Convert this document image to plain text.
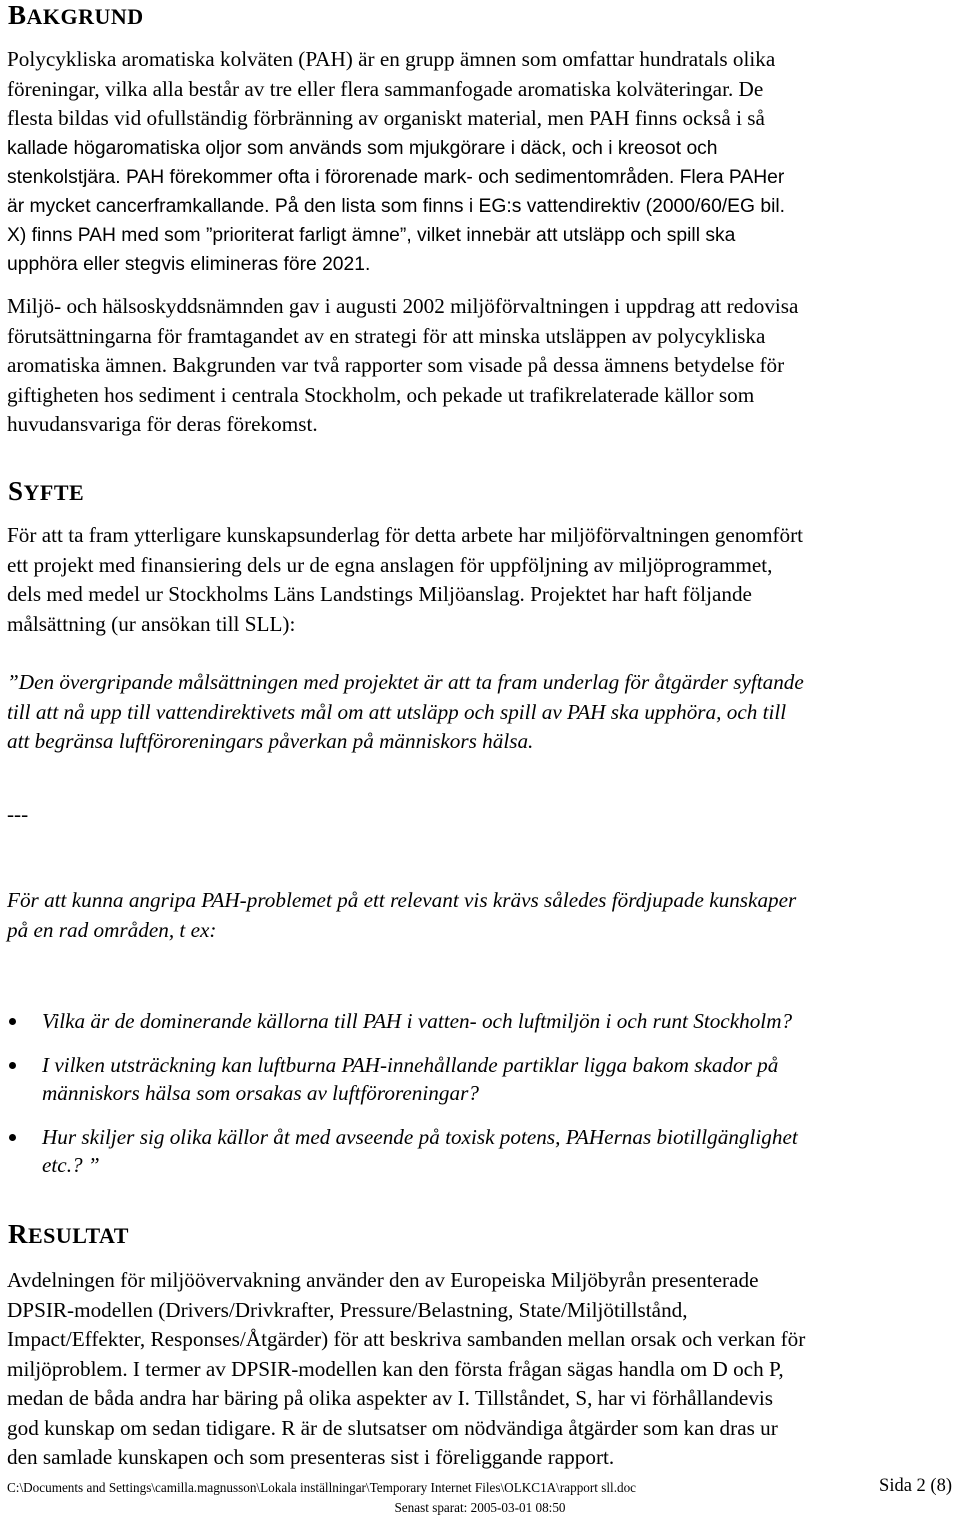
BAKGRUND
Polycykliska aromatiska kolväten (PAH) är en grupp ämnen som omfattar hundratals olika
föreningar, vilka alla består av tre eller flera sammanfogade aromatiska kolväteringar. De
flesta bildas vid ofullständig förbränning av organiskt material, men PAH finns också i så
kallade högaromatiska oljor som används som mjukgörare i däck, och i kreosot och
stenkolstjära. PAH förekommer ofta i förorenade mark- och sedimentområden. Flera PAHer
är mycket cancerframkallande. På den lista som finns i EG:s vattendirektiv (2000/60/EG bil.
X) finns PAH med som ”prioriterat farligt ämne”, vilket innebär att utsläpp och spill ska
upphöra eller stegvis elimineras före 2021.
Miljö- och hälsoskyddsnämnden gav i augusti 2002 miljöförvaltningen i uppdrag att redovisa
förutsättningarna för framtagandet av en strategi för att minska utsläppen av polycykliska
aromatiska ämnen. Bakgrunden var två rapporter som visade på dessa ämnens betydelse för
giftigheten hos sediment i centrala Stockholm, och pekade ut trafikrelaterade källor som
huvudansvariga för deras förekomst.
SYFTE
För att ta fram ytterligare kunskapsunderlag för detta arbete har miljöförvaltningen genomfört
ett projekt med finansiering dels ur de egna anslagen för uppföljning av miljöprogrammet,
dels med medel ur Stockholms Läns Landstings Miljöanslag. Projektet har haft följande
målsättning (ur ansökan till SLL):
”Den övergripande målsättningen med projektet är att ta fram underlag för åtgärder syftande
till att nå upp till vattendirektivets mål om att utsläpp och spill av PAH ska upphöra, och till
att begränsa luftföroreningars påverkan på människors hälsa.
---
För att kunna angripa PAH-problemet på ett relevant vis krävs således fördjupade kunskaper
på en rad områden, t ex:
Vilka är de dominerande källorna till PAH i vatten- och luftmiljön i och runt Stockholm?
I vilken utsträckning kan luftburna PAH-innehållande partiklar ligga bakom skador på
människors hälsa som orsakas av luftföroreningar?
Hur skiljer sig olika källor åt med avseende på toxisk potens, PAHernas biotillgänglighet
etc.? ”
RESULTAT
Avdelningen för miljöövervakning använder den av Europeiska Miljöbyrån presenterade
DPSIR-modellen (Drivers/Drivkrafter, Pressure/Belastning, State/Miljötillstånd,
Impact/Effekter, Responses/Åtgärder) för att beskriva sambanden mellan orsak och verkan för
miljöproblem. I termer av DPSIR-modellen kan den första frågan sägas handla om D och P,
medan de båda andra har bäring på olika aspekter av I. Tillståndet, S, har vi förhållandevis
god kunskap om sedan tidigare. R är de slutsatser om nödvändiga åtgärder som kan dras ur
den samlade kunskapen och som presenteras sist i föreliggande rapport.
C:\Documents and Settings\camilla.magnusson\Lokala inställningar\Temporary Internet Files\OLKC1A\rapport sll.doc	Sida 2 (8)
Senast sparat: 2005-03-01 08:50
